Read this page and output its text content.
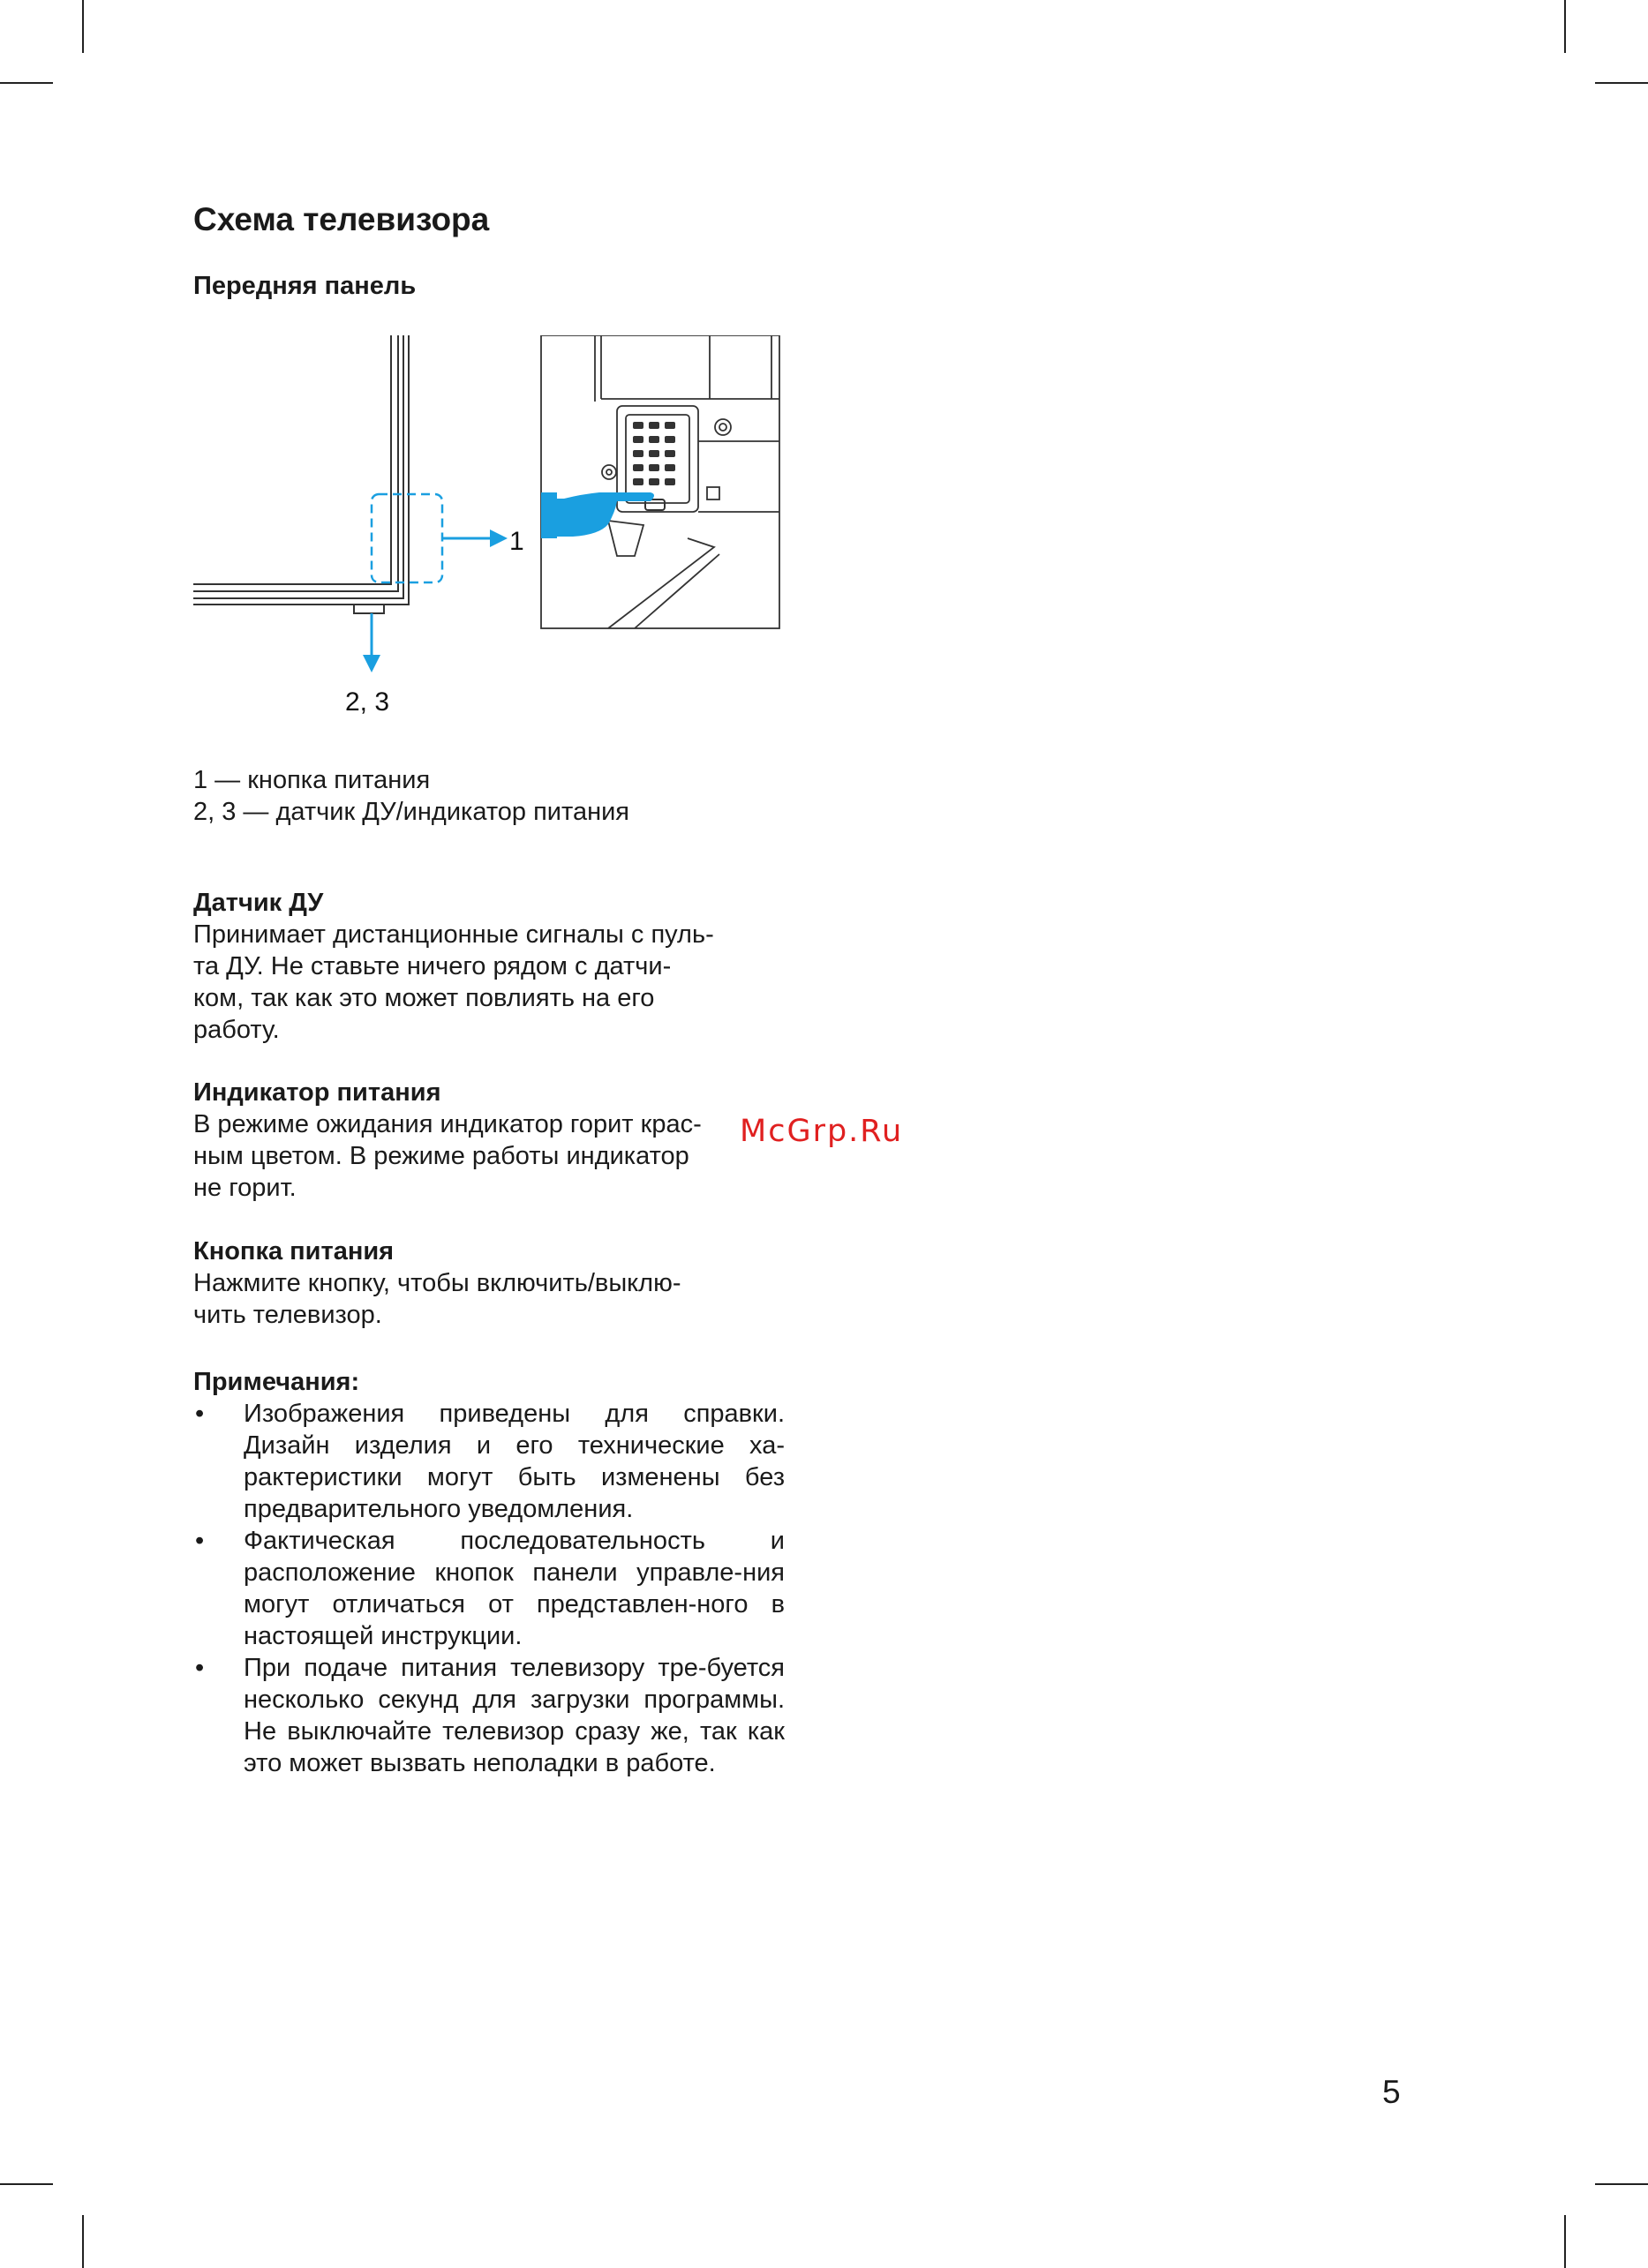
Схема телевизора
Передняя панель
1
2, 3
1 — кнопка питания
2, 3 — датчик ДУ/индикатор питания
Датчик ДУ

Принимает дистанционные сигналы с пуль-

та ДУ. Не ставьте ничего рядом с датчи-

ком, так как это может повлиять на его

работу.

Индикатор питания

В режиме ожидания индикатор горит крас-

ным цветом. В режиме работы индикатор

не горит.

Кнопка питания

Нажмите кнопку, чтобы включить/выклю-

чить телевизор.

Примечания:
• Изображения приведены для справки. Дизайн изделия и его технические ха-рактеристики могут быть изменены без предварительного уведомления.
• Фактическая последовательность и расположение кнопок панели управле-ния могут отличаться от представлен-ного в настоящей инструкции.
• При подаче питания телевизору тре-буется несколько секунд для загрузки программы. Не выключайте телевизор сразу же, так как это может вызвать неполадки в работе.
McGrp.Ru
5
